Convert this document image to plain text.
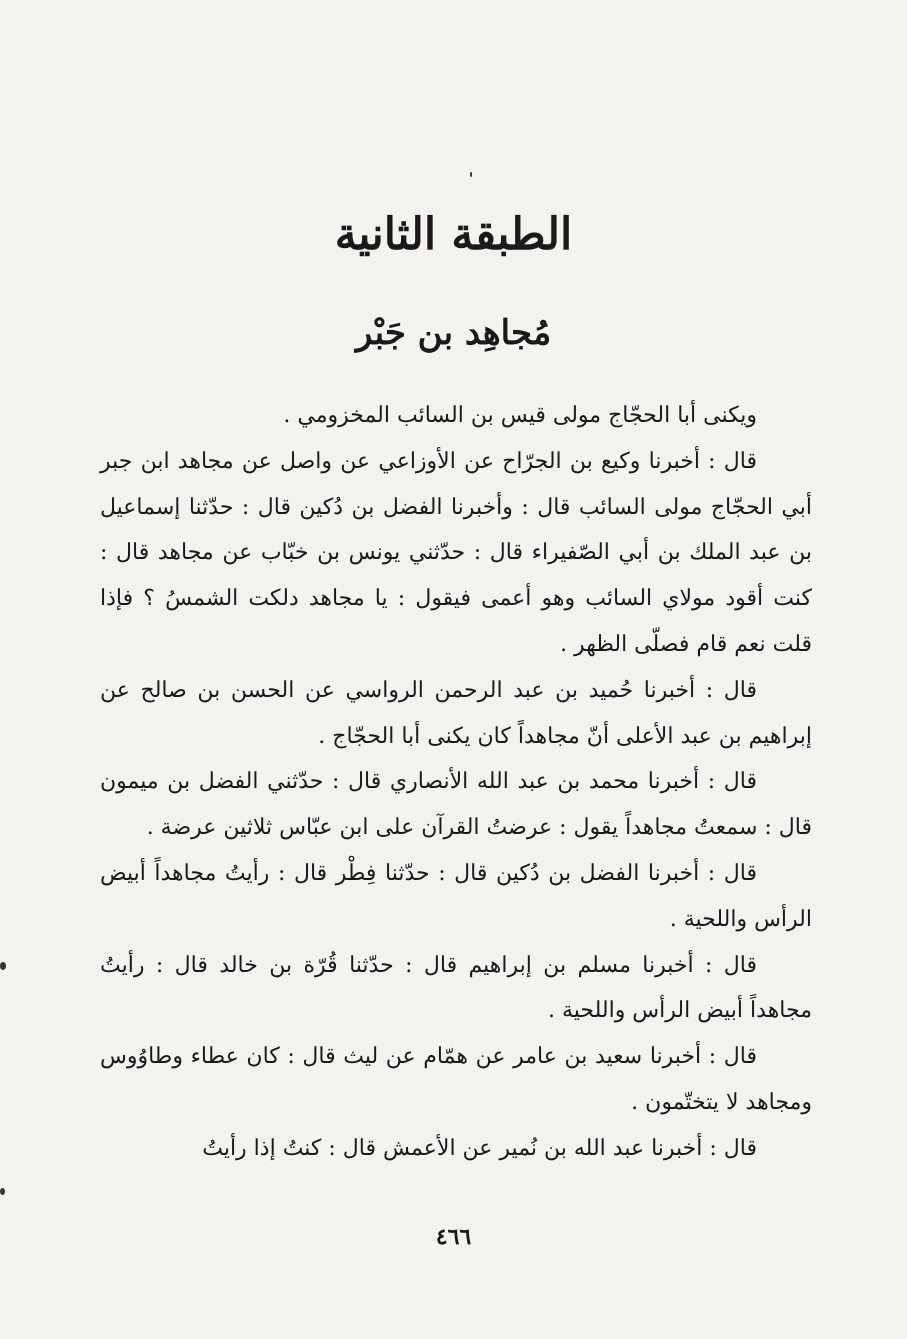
الطبقة الثانية
مُجاهِد بن جَبْر

ويكنى أبا الحجّاج مولى قيس بن السائب المخزومي .

قال : أخبرنا وكيع بن الجرّاح عن الأوزاعي عن واصل عن مجاهد ابن جبر أبي الحجّاج مولى السائب قال : وأخبرنا الفضل بن دُكين قال : حدّثنا إسماعيل بن عبد الملك بن أبي الصّفيراء قال : حدّثني يونس بن خبّاب عن مجاهد قال : كنت أقود مولاي السائب وهو أعمى فيقول : يا مجاهد دلكت الشمسُ ؟ فإذا قلت نعم قام فصلّى الظهر .

قال : أخبرنا حُميد بن عبد الرحمن الرواسي عن الحسن بن صالح عن إبراهيم بن عبد الأعلى أنّ مجاهداً كان يكنى أبا الحجّاج .

قال : أخبرنا محمد بن عبد الله الأنصاري قال : حدّثني الفضل بن ميمون قال : سمعتُ مجاهداً يقول : عرضتُ القرآن على ابن عبّاس ثلاثين عرضة .

قال : أخبرنا الفضل بن دُكين قال : حدّثنا فِطْر قال : رأيتُ مجاهداً أبيض الرأس واللحية .

قال : أخبرنا مسلم بن إبراهيم قال : حدّثنا قُرّة بن خالد قال : رأيتُ مجاهداً أبيض الرأس واللحية .

قال : أخبرنا سعيد بن عامر عن همّام عن ليث قال : كان عطاء وطاوُوس ومجاهد لا يتختّمون .

قال : أخبرنا عبد الله بن نُمير عن الأعمش قال : كنتُ إذا رأيتُ

٤٦٦
